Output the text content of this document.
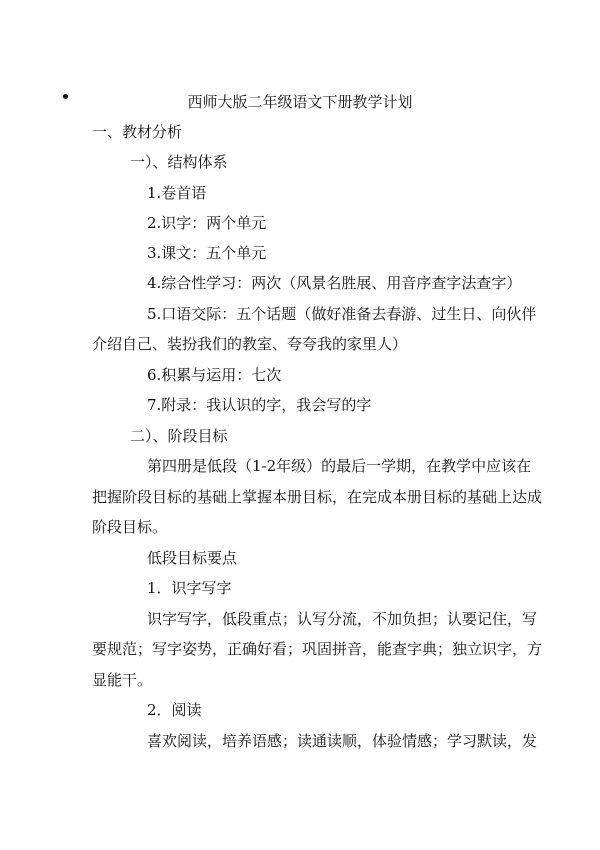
西师大版二年级语文下册教学计划
一、教材分析
一）、结构体系
1.卷首语
2.识字：两个单元
3.课文：五个单元
4.综合性学习：两次（风景名胜展、用音序查字法查字）
5.口语交际：五个话题（做好准备去春游、过生日、向伙伴
介绍自己、装扮我们的教室、夸夸我的家里人）
6.积累与运用：七次
7.附录：我认识的字，我会写的字
二）、阶段目标
第四册是低段（1-2年级）的最后一学期，在教学中应该在
把握阶段目标的基础上掌握本册目标，在完成本册目标的基础上达成
阶段目标。
低段目标要点
1．识字写字
识字写字，低段重点；认写分流，不加负担；认要记住，写
要规范；写字姿势，正确好看；巩固拼音，能查字典；独立识字，方
显能干。
2．阅读
喜欢阅读，培养语感；读通读顺，体验情感；学习默读，发
